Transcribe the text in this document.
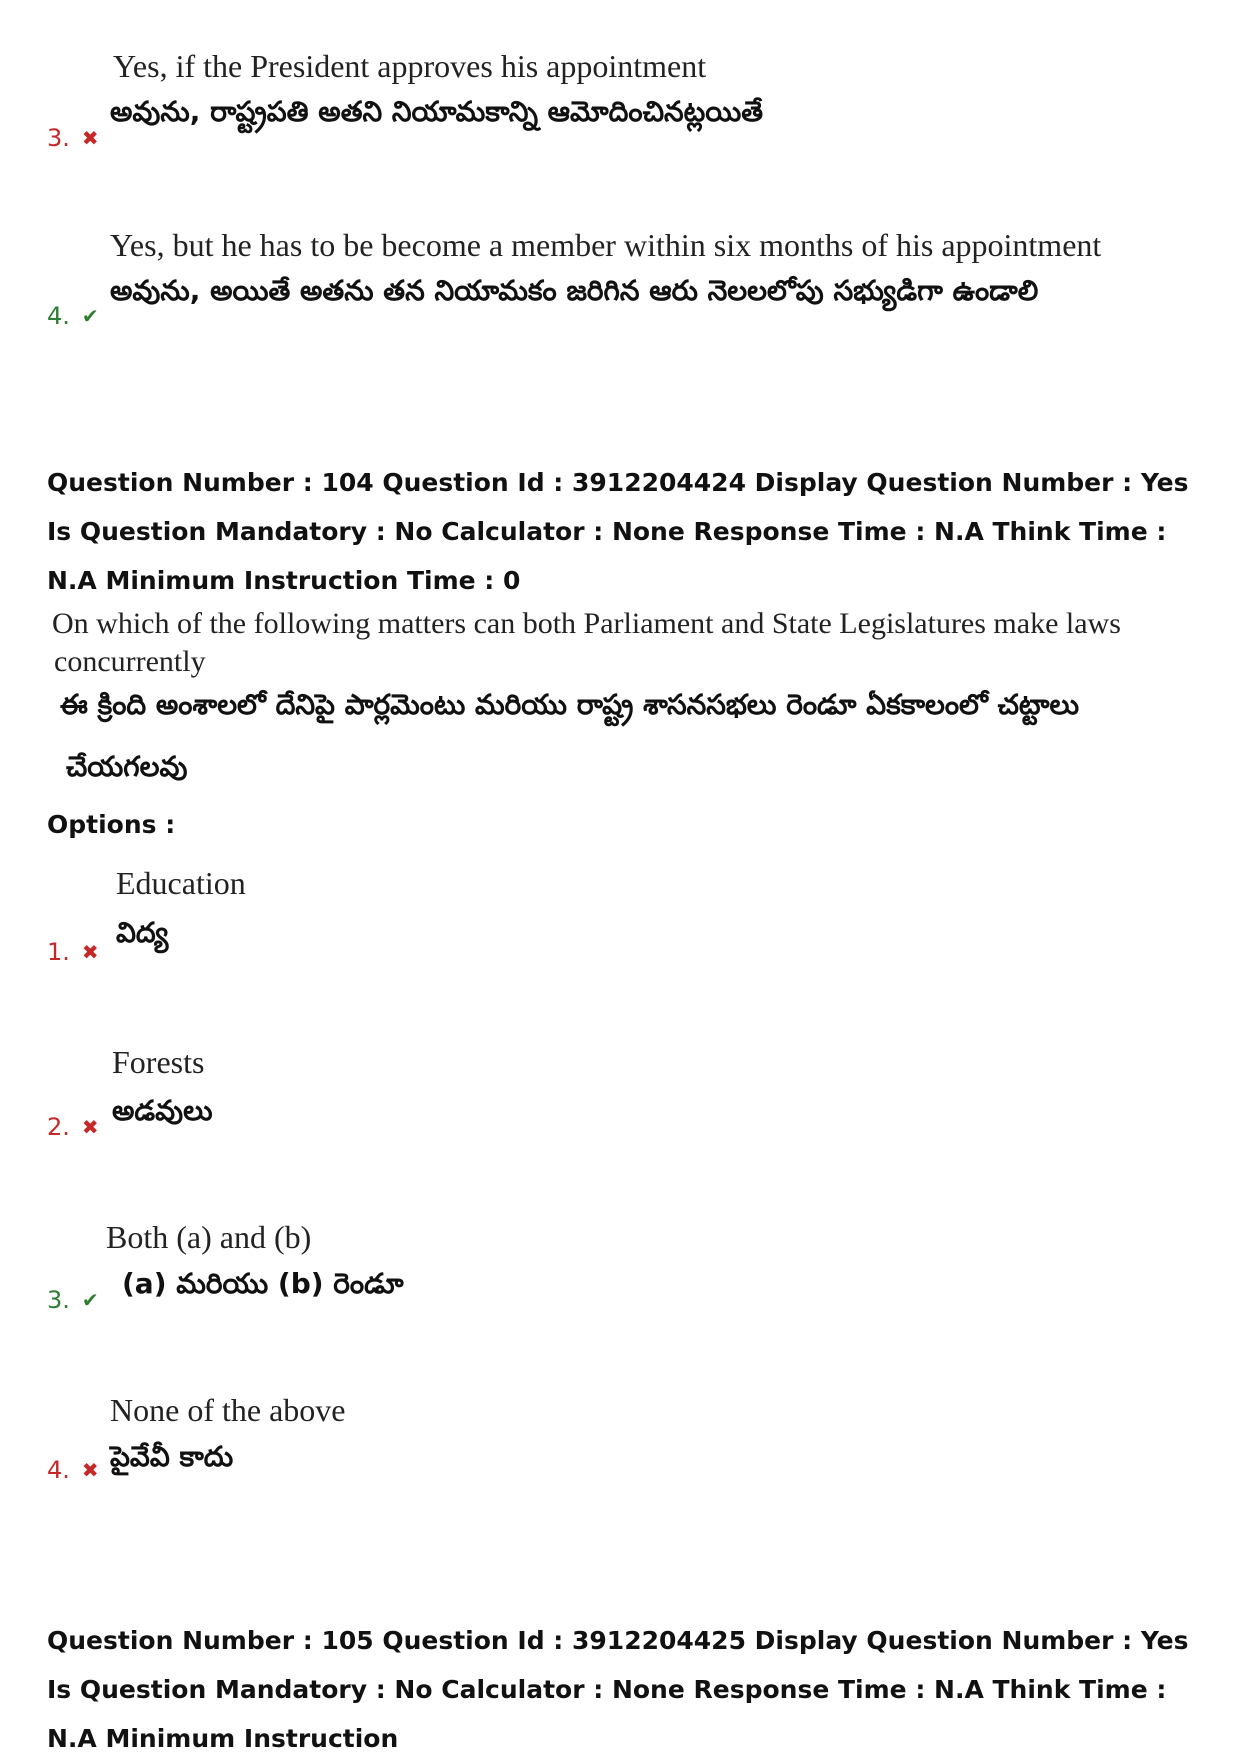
Yes, if the President approves his appointment
అవును, రాష్ట్రపతి అతని నియామకాన్ని ఆమోదించినట్లయితే
3. ✖
Yes, but he has to be become a member within six months of his appointment
అవును, అయితే అతను తన నియామకం జరిగిన ఆరు నెలలలోపు సభ్యుడిగా ఉండాలి
4. ✔
Question Number : 104 Question Id : 3912204424 Display Question Number : Yes Is Question Mandatory : No Calculator : None Response Time : N.A Think Time : N.A Minimum Instruction Time : 0
On which of the following matters can both Parliament and State Legislatures make laws
concurrently
ఈ క్రింది అంశాలలో దేనిపై పార్లమెంటు మరియు రాష్ట్ర శాసనసభలు రెండూ ఏకకాలంలో చట్టాలు
చేయగలవు
Options :
Education
విద్య
1. ✖
Forests
అడవులు
2. ✖
Both (a) and (b)
(a) మరియు (b) రెండూ
3. ✔
None of the above
పైవేవీ కాదు
4. ✖
Question Number : 105 Question Id : 3912204425 Display Question Number : Yes Is Question Mandatory : No Calculator : None Response Time : N.A Think Time : N.A Minimum Instruction
